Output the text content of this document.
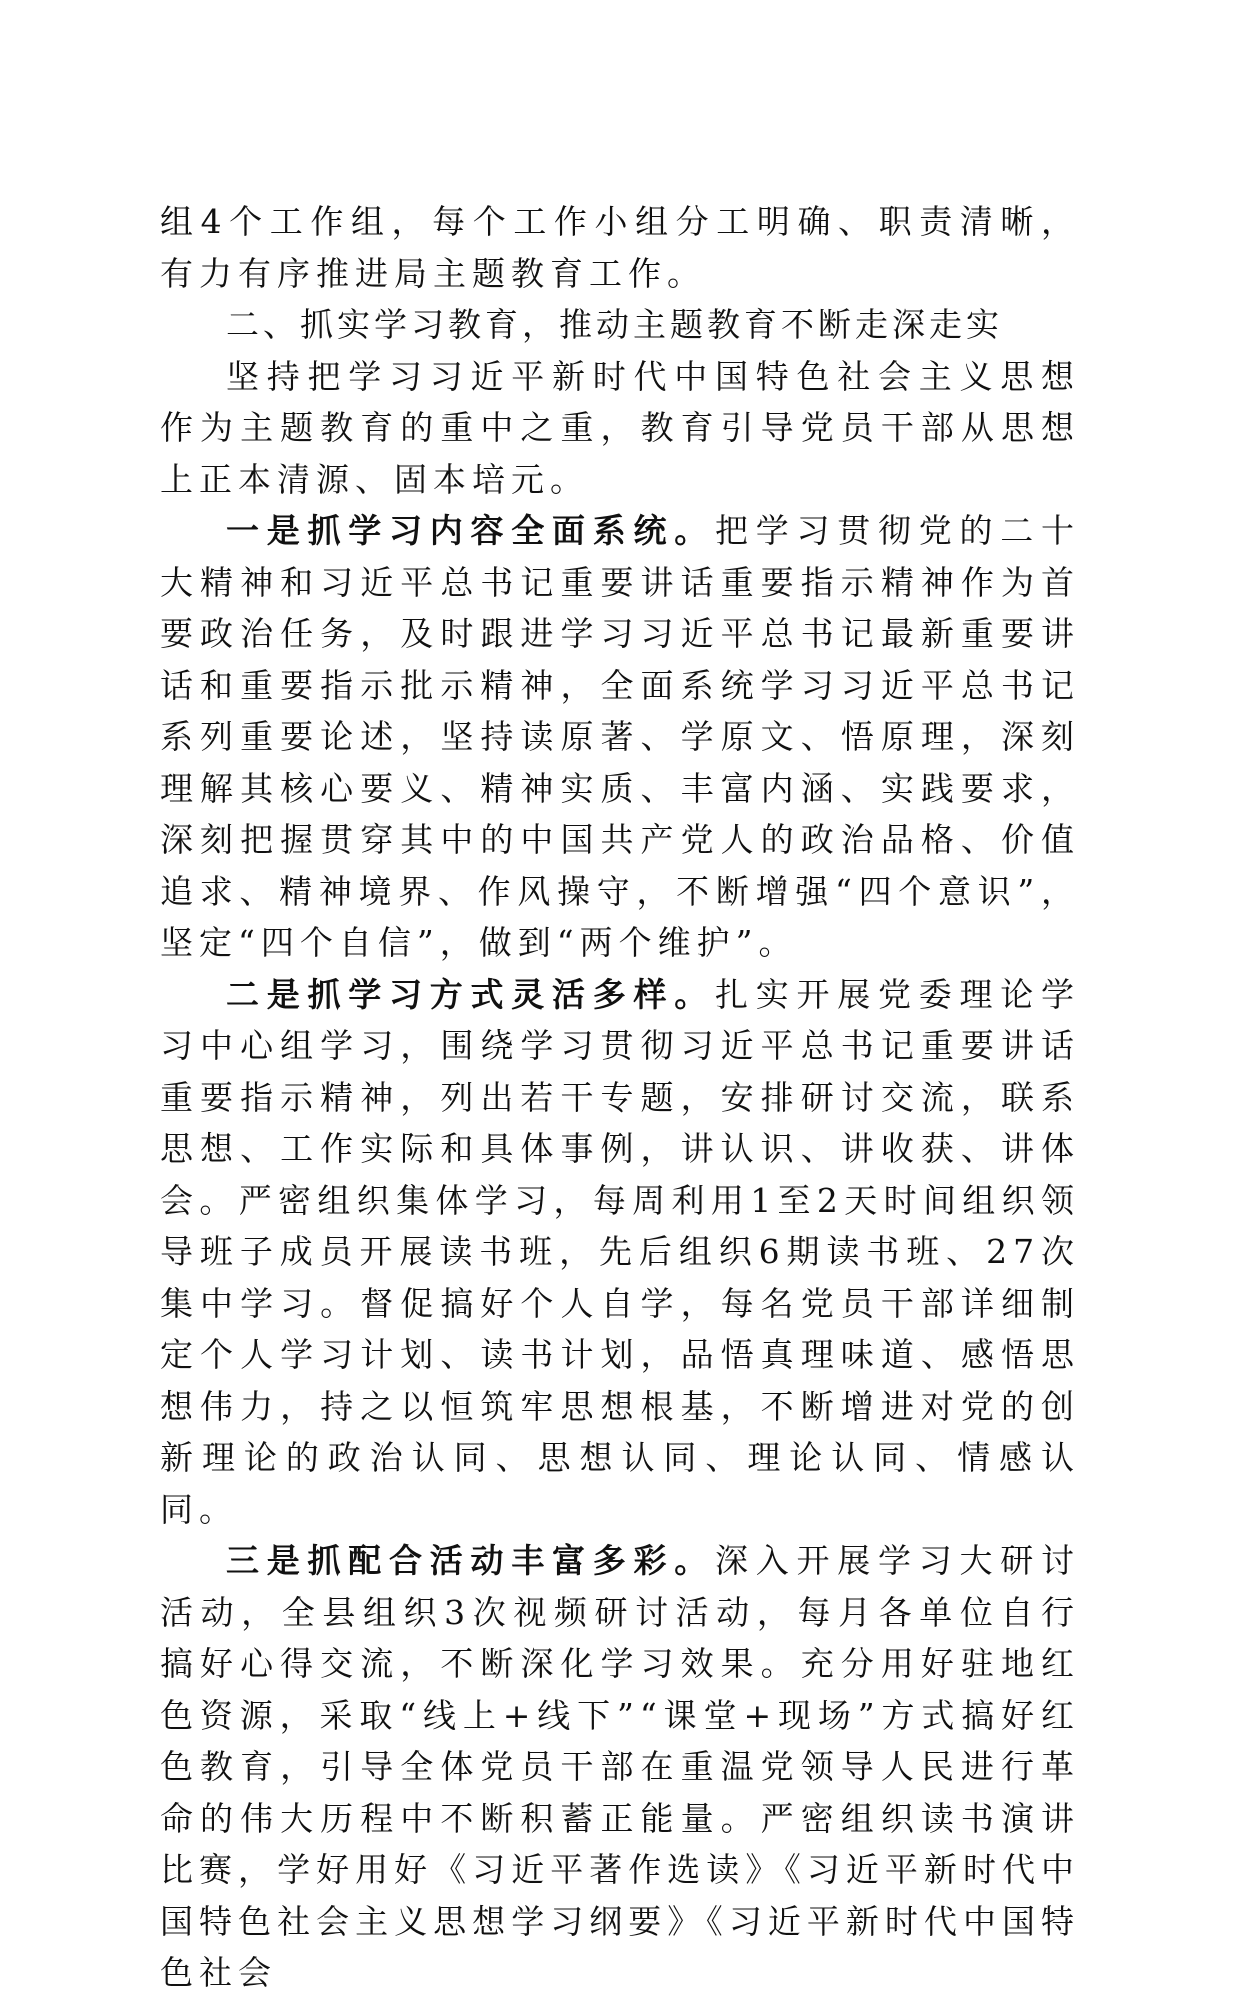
组4个工作组，每个工作小组分工明确、职责清晰，有力有序推进局主题教育工作。

二、抓实学习教育，推动主题教育不断走深走实

坚持把学习习近平新时代中国特色社会主义思想作为主题教育的重中之重，教育引导党员干部从思想上正本清源、固本培元。

一是抓学习内容全面系统。把学习贯彻党的二十大精神和习近平总书记重要讲话重要指示精神作为首要政治任务，及时跟进学习习近平总书记最新重要讲话和重要指示批示精神，全面系统学习习近平总书记系列重要论述，坚持读原著、学原文、悟原理，深刻理解其核心要义、精神实质、丰富内涵、实践要求，深刻把握贯穿其中的中国共产党人的政治品格、价值追求、精神境界、作风操守，不断增强“四个意识”，坚定“四个自信”，做到“两个维护”。

二是抓学习方式灵活多样。扎实开展党委理论学习中心组学习，围绕学习贯彻习近平总书记重要讲话重要指示精神，列出若干专题，安排研讨交流，联系思想、工作实际和具体事例，讲认识、讲收获、讲体会。严密组织集体学习，每周利用1至2天时间组织领导班子成员开展读书班，先后组织6期读书班、27次集中学习。督促搞好个人自学，每名党员干部详细制定个人学习计划、读书计划，品悟真理味道、感悟思想伟力，持之以恒筑牢思想根基，不断增进对党的创新理论的政治认同、思想认同、理论认同、情感认同。

三是抓配合活动丰富多彩。深入开展学习大研讨活动，全县组织3次视频研讨活动，每月各单位自行搞好心得交流，不断深化学习效果。充分用好驻地红色资源，采取“线上+线下”“课堂+现场”方式搞好红色教育，引导全体党员干部在重温党领导人民进行革命的伟大历程中不断积蓄正能量。严密组织读书演讲比赛，学好用好《习近平著作选读》《习近平新时代中国特色社会主义思想学习纲要》《习近平新时代中国特色社会
